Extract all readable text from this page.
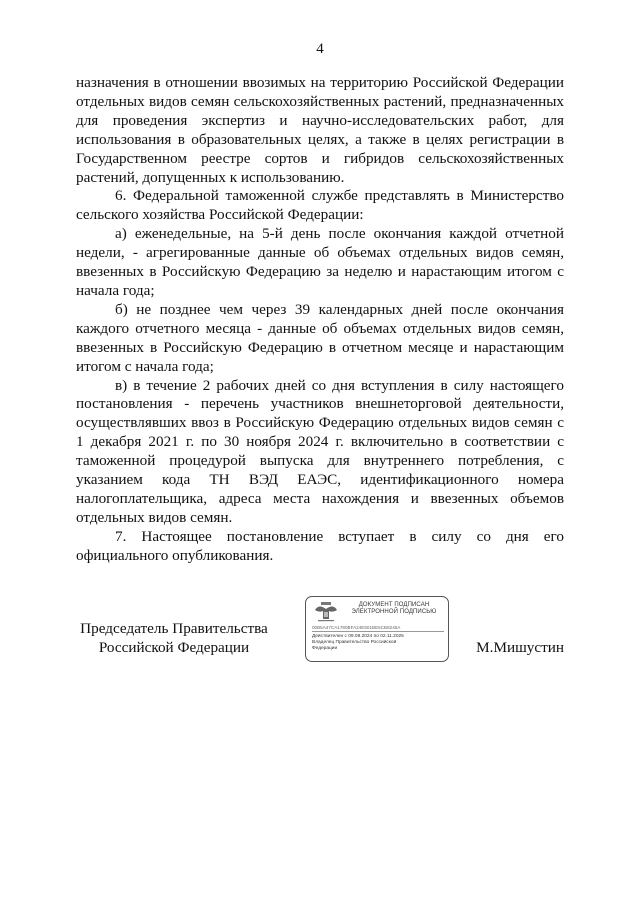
4

назначения в отношении ввозимых на территорию Российской Федерации отдельных видов семян сельскохозяйственных растений, предназначенных для проведения экспертиз и научно-исследовательских работ, для использования в образовательных целях, а также в целях регистрации в Государственном реестре сортов и гибридов сельскохозяйственных растений, допущенных к использованию.

6. Федеральной таможенной службе представлять в Министерство сельского хозяйства Российской Федерации:

а) еженедельные, на 5-й день после окончания каждой отчетной недели, - агрегированные данные об объемах отдельных видов семян, ввезенных в Российскую Федерацию за неделю и нарастающим итогом с начала года;

б) не позднее чем через 39 календарных дней после окончания каждого отчетного месяца - данные об объемах отдельных видов семян, ввезенных в Российскую Федерацию в отчетном месяце и нарастающим итогом с начала года;

в) в течение 2 рабочих дней со дня вступления в силу настоящего постановления - перечень участников внешнеторговой деятельности, осуществлявших ввоз в Российскую Федерацию отдельных видов семян с 1 декабря 2021 г. по 30 ноября 2024 г. включительно в соответствии с таможенной процедурой выпуска для внутреннего потребления, с указанием кода ТН ВЭД ЕАЭС, идентификационного номера налогоплательщика, адреса места нахождения и ввезенных объемов отдельных видов семян.

7. Настоящее постановление вступает в силу со дня его официального опубликования.

Председатель Правительства
Российской Федерации
ДОКУМЕНТ ПОДПИСАН
ЭЛЕКТРОННОЙ ПОДПИСЬЮ
00B5A47CA1780BFA24E501BE5CB8245A
Действителен с 09.08.2024 по 02.11.2025
Владелец Правительство Российской
Федерации	М.Мишустин
